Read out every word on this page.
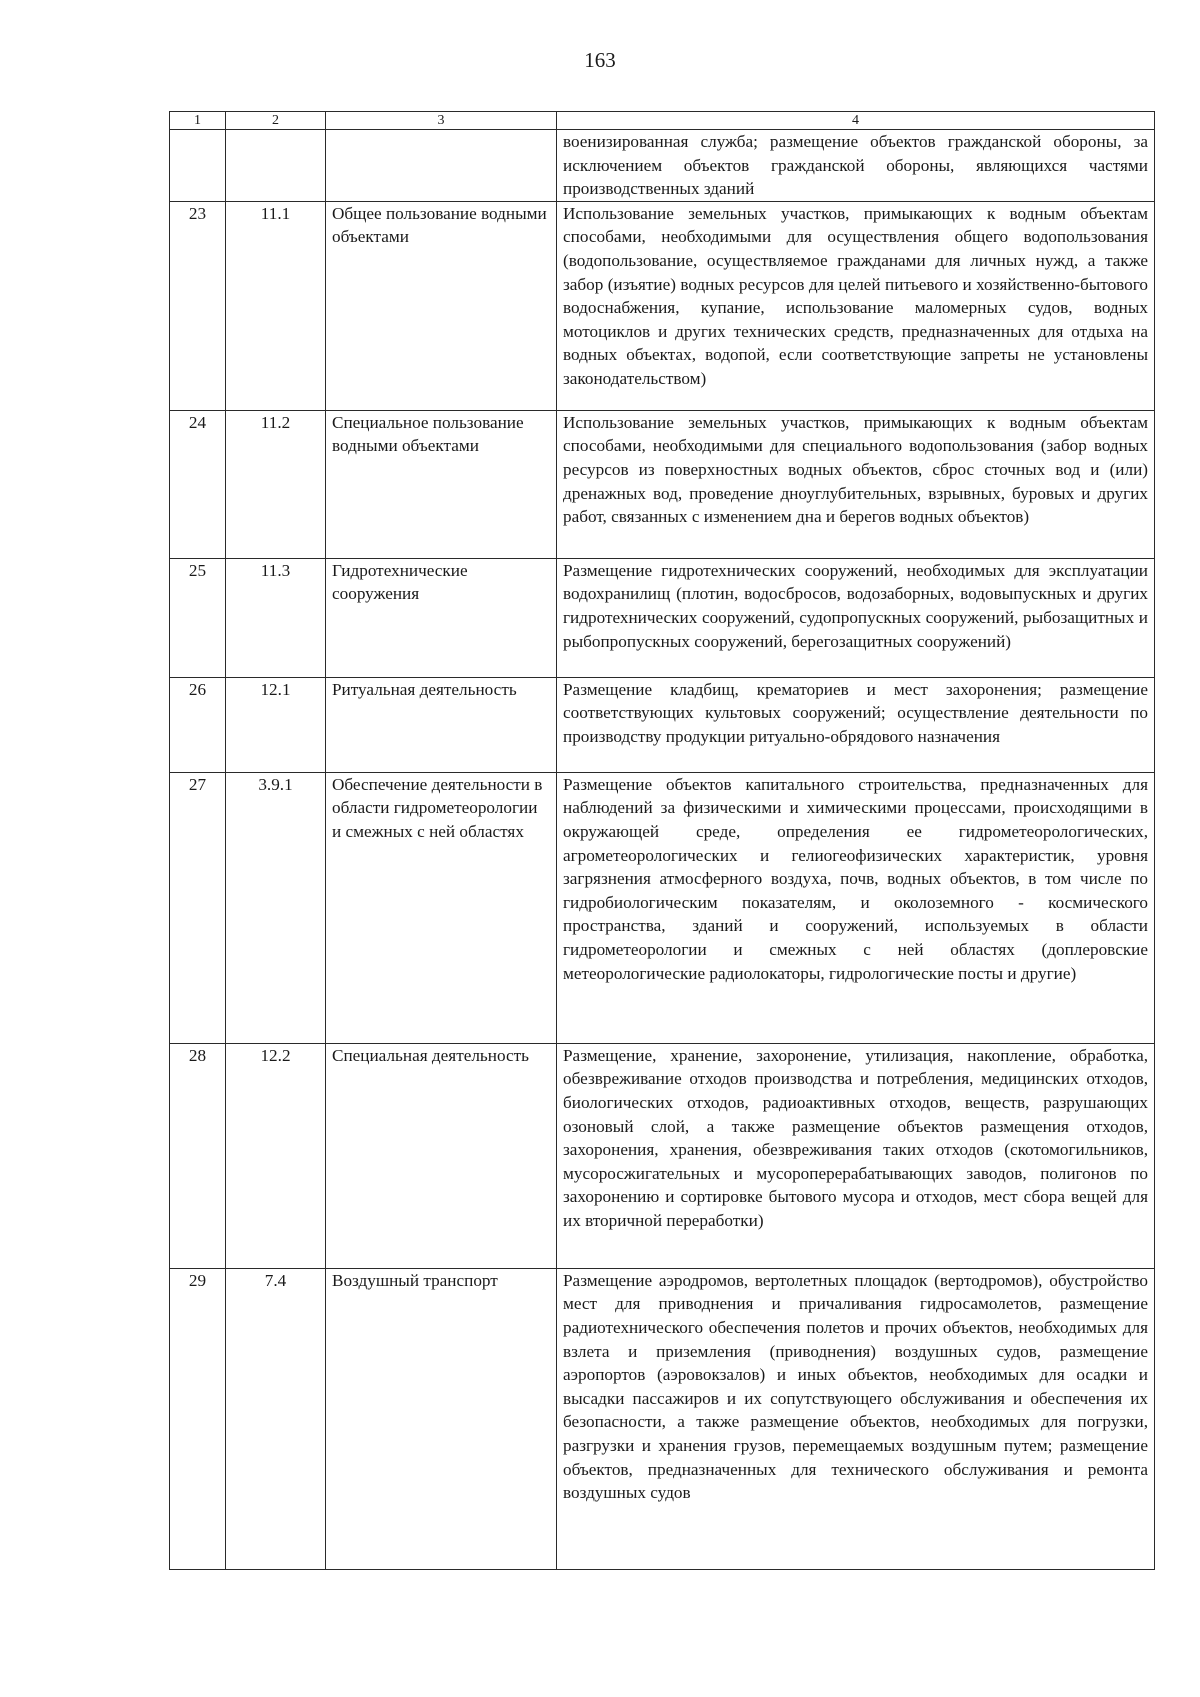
163
1	2	3	4
			военизированная служба; размещение объектов гражданской обороны, за исключением объектов гражданской обороны, являющихся частями производственных зданий
23	11.1	Общее пользование водными объектами	Использование земельных участков, примыкающих к водным объектам способами, необходимыми для осуществления общего водопользования (водопользование, осуществляемое гражданами для личных нужд, а также забор (изъятие) водных ресурсов для целей питьевого и хозяйственно-бытового водоснабжения, купание, использование маломерных судов, водных мотоциклов и других технических средств, предназначенных для отдыха на водных объектах, водопой, если соответствующие запреты не установлены законодательством)
24	11.2	Специальное пользование водными объектами	Использование земельных участков, примыкающих к водным объектам способами, необходимыми для специального водопользования (забор водных ресурсов из поверхностных водных объектов, сброс сточных вод и (или) дренажных вод, проведение дноуглубительных, взрывных, буровых и других работ, связанных с изменением дна и берегов водных объектов)
25	11.3	Гидротехнические сооружения	Размещение гидротехнических сооружений, необходимых для эксплуатации водохранилищ (плотин, водосбросов, водозаборных, водовыпускных и других гидротехнических сооружений, судопропускных сооружений, рыбозащитных и рыбопропускных сооружений, берегозащитных сооружений)
26	12.1	Ритуальная деятельность	Размещение кладбищ, крематориев и мест захоронения; размещение соответствующих культовых сооружений; осуществление деятельности по производству продукции ритуально-обрядового назначения
27	3.9.1	Обеспечение деятельности в области гидрометеорологии и смежных с ней областях	Размещение объектов капитального строительства, предназначенных для наблюдений за физическими и химическими процессами, происходящими в окружающей среде, определения ее гидрометеорологических, агрометеорологических и гелиогеофизических характеристик, уровня загрязнения атмосферного воздуха, почв, водных объектов, в том числе по гидробиологическим показателям, и околоземного - космического пространства, зданий и сооружений, используемых в области гидрометеорологии и смежных с ней областях (доплеровские метеорологические радиолокаторы, гидрологические посты и другие)
28	12.2	Специальная деятельность	Размещение, хранение, захоронение, утилизация, накопление, обработка, обезвреживание отходов производства и потребления, медицинских отходов, биологических отходов, радиоактивных отходов, веществ, разрушающих озоновый слой, а также размещение объектов размещения отходов, захоронения, хранения, обезвреживания таких отходов (скотомогильников, мусоросжигательных и мусороперерабатывающих заводов, полигонов по захоронению и сортировке бытового мусора и отходов, мест сбора вещей для их вторичной переработки)
29	7.4	Воздушный транспорт	Размещение аэродромов, вертолетных площадок (вертодромов), обустройство мест для приводнения и причаливания гидросамолетов, размещение радиотехнического обеспечения полетов и прочих объектов, необходимых для взлета и приземления (приводнения) воздушных судов, размещение аэропортов (аэровокзалов) и иных объектов, необходимых для осадки и высадки пассажиров и их сопутствующего обслуживания и обеспечения их безопасности, а также размещение объектов, необходимых для погрузки, разгрузки и хранения грузов, перемещаемых воздушным путем; размещение объектов, предназначенных для технического обслуживания и ремонта воздушных судов
